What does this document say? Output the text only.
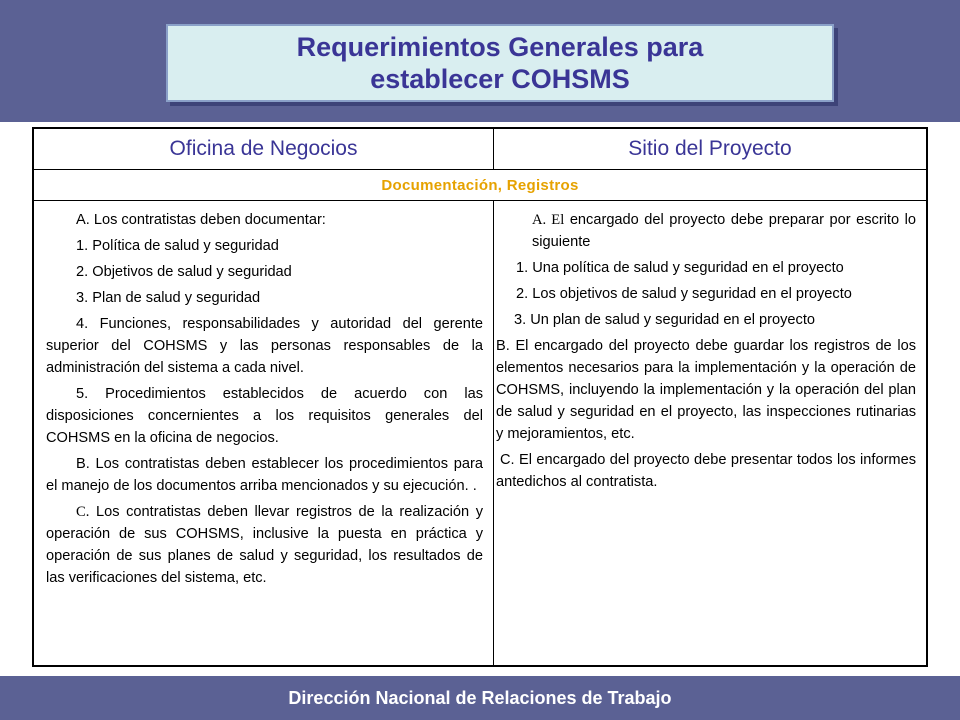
Requerimientos Generales para
establecer COHSMS
Oficina de Negocios	Sitio del Proyecto
Documentación, Registros

A. Los contratistas deben documentar:

1. Política de salud y seguridad

2. Objetivos de salud y seguridad

3. Plan de salud y seguridad

4. Funciones, responsabilidades y autoridad del gerente superior del COHSMS y las personas responsables de la administración del sistema a cada nivel.

5. Procedimientos establecidos de acuerdo con las disposiciones concernientes a los requisitos generales del COHSMS en la oficina de negocios.

B. Los contratistas deben establecer los procedimientos para el manejo de los documentos arriba mencionados y su ejecución. .

C. Los contratistas deben llevar registros de la realización y operación de sus COHSMS, inclusive la puesta en práctica y operación de sus planes de salud y seguridad, los resultados de las verificaciones del sistema, etc.

A. El encargado del proyecto debe preparar por escrito lo siguiente

1. Una política de salud y seguridad en el proyecto

2. Los objetivos de salud y seguridad en el proyecto

3. Un plan de salud y seguridad en el proyecto

B. El encargado del proyecto debe guardar los registros de los elementos necesarios para la implementación y la operación de COHSMS, incluyendo la implementación y la operación del plan de salud y seguridad en el proyecto, las inspecciones rutinarias y mejoramientos, etc.

C. El encargado del proyecto debe presentar todos los informes antedichos al contratista.

Dirección Nacional de Relaciones de Trabajo
